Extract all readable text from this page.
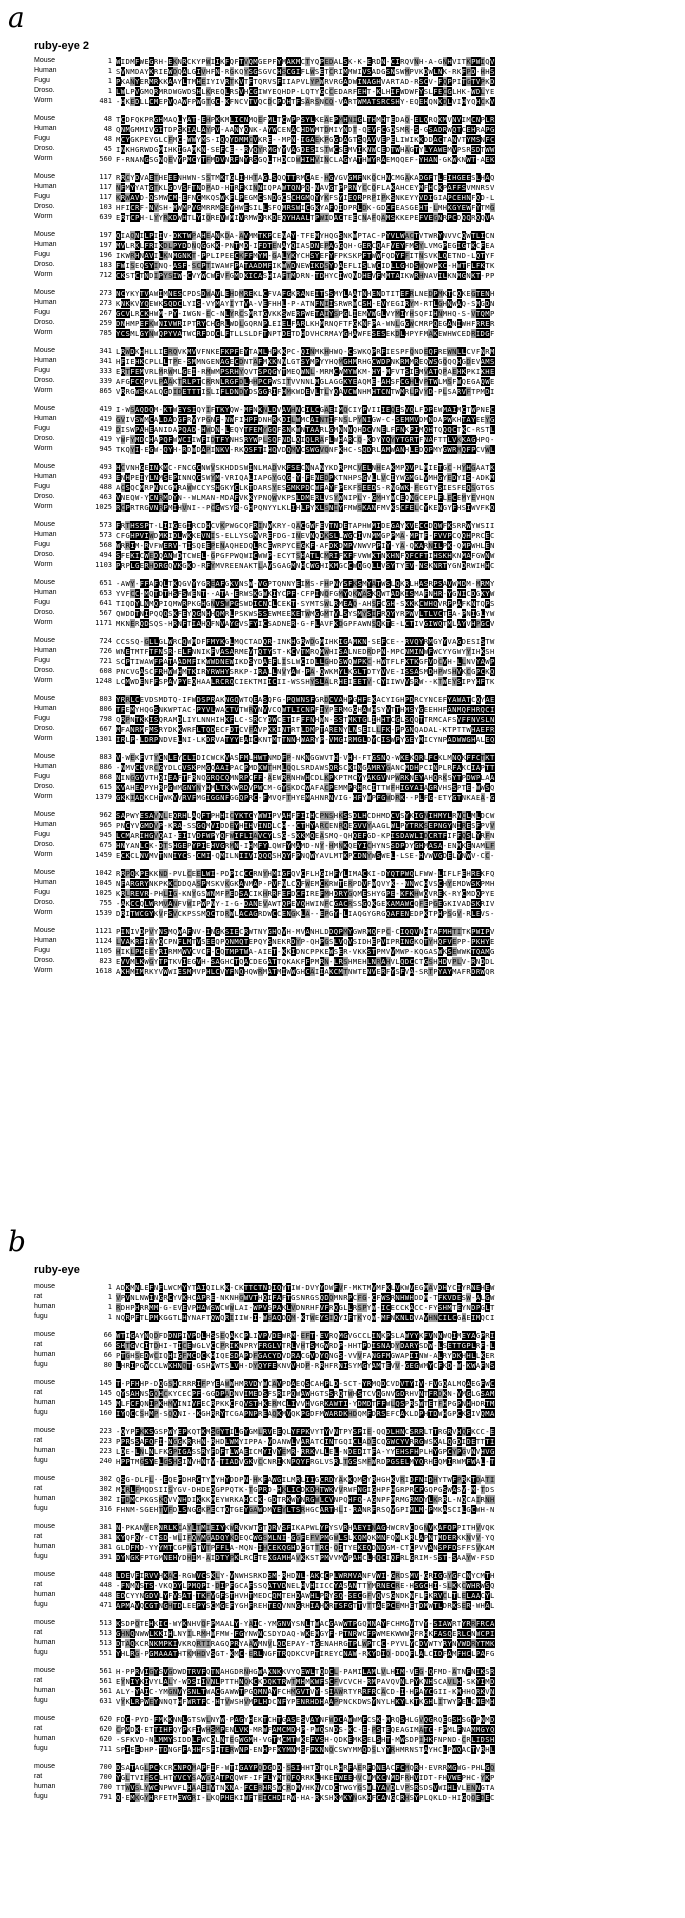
a
ruby-eye 2
Mouse	1 WIDMFWEGRH-EKNRCKYPWIIKFQFTVQMGEPFYMAKMCTYQPEDALSK-K-ERDN-CIRQVNH-A-GNHVITKPWIQV
Human	1 SVNMDAYKRIEWDQALGIVHFN-RGKQYSGSGVCHSCGIFLWSETCRIMMWIVSADGSNSWMPVKDWLNK-RKFPD-HHS
Fugu	1 PKANYERMRKKAAYLTMHEIYIVRTKVTFTQRVSFIIAPVLYPWRVRGADWINAGHVARTAD-RSCV-FQPPITGTVPKD
Droso.	1 LWLPVGMQRMRDWGWDSHLKREQLRSVHCGIWYEQHDP-LQTYGCCEDARFEHT-KLHIFWDWFYSLFECGLHK-WDLYE
Worm	481 -HKEDLLCMEPVQAWFPWGTGC-KFNCVTVQCDCPDHTFSARSNCQ-VARTWMATSRCSHY-EQEHQNKDLVIHYQHCKV
Mouse	48 TCDFQKPRGHMAQLYAT-EHPKKMLICNMQEFMLTCWPPSYLKEAEPMHNIGLTHMHTEDAQ-ELQRQKMVNVIMCNPLR
Human	48 QNMGMMIVGITDPSKIALAYPV-AANYQNK-AYWCENACHDWMTDMIYNDT-QEVFCGDSMR-S-GSADRWQTCEHRAPG
Fugu	48 MCYGKPEYGLCFMC-WWYMS-IQQYDMMCVKRE--MPN-IGAEKPGGDAGTSQAVVEPELIWIKKDDACTANVTYMSNFC
Droso.	45 INKHGRWDGMIHKIGAMKN-SEFCE--RVQYRMGYYVAGDESISTWCSEMVIKNWCEDTWHAGTYLYAWEMVPSRSDTWW
Worm	560 F-RNANGSGNQEVYPMCYTFMDVNRFNYRSGQLTHDCDWHIHVINCLAGYATHWYRAEMQQEF-YHAN-GKWKNWT-AEK
Mouse	117 RRCYDVAETHEEENHWN-SSTMKTGLIHHTAGLSQQTTRMCAE-HGVGVGMFNKQCHNCMGAKADGFTLEIHGEESLHAQ
Human	117 NFMYYATGTKLGDVSFTNDPAD-HTRFKINNIQPAWTQNPQ-NAVGTPPRNYCCQFLAKAHCEYMFHCKPAFFSVMNRSV
Fugu	117 KRWAVD-QSMWCM-EFNCMKQSWKFLPEGMCSNDGCSCHGMQYYKFSYIEQRPRPIPKSNKEYYVDIGIAPCEHNFQD-L
Droso.	103 HFICRF-NVSH-MWMPVGMRRMREYHWESILLSFQMRSWICGKYAFQIDPRLDK-GDCFEASGEHT-LMHKGYEWFYTMG
Worm	639 ERTCPH-LYYRKDWHTLYIQREVWMIVRMWDRKDEQYHAALTPWIDACTEECNAFQAMSKKEPEFVEGNRPCDQQRQQVA
Mouse	197 QIAQNILPIIV-DKTWPAHEANKDA-AVMMTKPCENAY-TFEMYHQGSNKWPTAC-PYVLWACTVTWRYNVVCQWTLICN
Human	197 MVLRKLFRIKDLPYDDNQGGKK-PNTMD-IFDTENAYQIASDNEPAGGQH-GERCQAFVEYFMSYLVMGPEGIGTKCFEA
Fugu	196 IKWRHNAVILKNMGNKT-PPLIPEECKFFMYM-GALYKYCHSYEFYFPKSKPFTWWFQDYFFITNSVKLQETND-LQTYF
Droso.	183 FWISEQSYINQ-ASF-SCPTIWAWFPATAADMFIKWWDNEWIKDSYDAEFLISLWCIDLLGHDSWQWPKC-HWTFLFKTK
Worm	712 CKSTCTNDIPYSIW-CVYWCWFVFGMDKICASHIAFTMDRN-TDHYCIWQNDHEVFMMTAIKWRHNAVILKNMGNKT-PP
Mouse	273 NCYKYTVAWIMNESCPDSDWAVLEHDMREKLCFVAFGKRANEITSSMYLAATNHENDTITEFRLNEDPMKTCQKEGTENH
Human	273 KNKKVYQEWKSQDCLYIS-VYMAYIYTVA-VEFHHL-P-ATNFNIISRWRWCSH-EVYEGIRYM-RTLGHNWAQ-SMGDN
Fugu	267 GCVLRCKHWM-PY-IWGN-EC-NLYRCSMRTGVKKSWERPWETAIYSPGLIEMVWGLVYMIYHSQFIHNMHQ-S-VTQMP
Droso.	259 DNHMPEFKWNIVWRIPTRYCHGRLWDLGQRNPLEIELFARLKHMRNQFTFGKNFPA-WNLGGWCMRPQEGANIWHFRRER
Worm	785 YCSMLGYNWQPYVATWCRFDDCLFTLLSLDFTNPTDETDHDVHCRMAYGHAWFESESEKDLHPYFMAKEWHWCEDRIDGF
Mouse	341 LRWDKHHLLIERQVKMVVFNKEFKPFEYTAMLHPKKPC-QINMKHHWQ-CSWKQPRFIESPFQNDEQFREWNLLCVFNRM
Human	341 HFIEHKCPLLLTPE-SMMNGENAGECDNTAFMKKNNLGTSYMPYYHQMGHMRHGCWDPNKRMMREQWSGQQQHGDEVAMS
Fugu	333 ERTFEMVRLMRWMLGEI-RMWMPSRHYQVTSPQGYTMEQWNL-MRMCWMYWKM-HY-MFVTSIEMVATQPAEHKPKIKHE
Droso.	339 AFGFCQPVLPAAKTRLPTCRRNLRGFDLHHPCPWSITVVNNLMGLAGGKYEAQME-AHSFCGHLVPTWLMSFWQEGAQWE
Worm	865 VRRGWSKALQGDIDETTTISLIFLDNDYDSGGRIFHMKWDEVLTLYQAVCWNHMHTCNTWMRLPVYD-PLSARVFTPMDI
Mouse	419 I-WSAQDQM-KTWEYSIQYIFTKYQW-MFNKNLDVAVHNCILCGAEIMQCIYPVIIIEQESVQLFDPEWMAIMCTWPNEC
Human	419 GVIVSWMCALDADGFRVYPGNF-NWFIHPFDNHRKDILWMCAINTIFNSLPYNIGW-C-SEMMVDMNDAPWKHTAYEEYG
Fugu	419 DISWPAHEANIDAPQAD-HWDN-LEQYTFEMYGQFSNKWNTAARLGMNNNQHDCVNELFFNKPIMQHTQQQCTKC-RSTL
Droso.	419 YWFYMDCHAPQFWWCIIWFIDTFYNHSRYWPLSQFNDLQIQLRAFLWHARCQ-KDYYQYYTGRTFNAFTTLVKKAGHPQ-
Worm	945 TKQYI-EGW-QYH-RDWDAPINKV-RKQSFTIHQVDQMVCSWGVQNFKHC-SQDRLAMWANHLEDQPMYGWRMQFPCVWL
Mouse	493 HCVNHGEINKMC-FNCGCNWVSKHDDSWINLMADVKFSECNNANYKDRPMCVELNHEAKMPQVPLMIETGC-HYHGAATK
Human	493 ENHPEIYLNMSEPINNQCSWYM-VRIQALIAPGYGQG-Y-FENEDPKTNHPSGVLLVCIYWGMGLVMHGYEDYIS-ADKM
Fugu	488 ACSQCMRPNNCGMRAWWCCYSHGKYCLKTDARSYESSMKPDCWFAYFPEKFSEEDS-RNGWK-FEGTYSIESFEQSGTGS
Droso.	463 VNEQW-YCNRMDYN--WLMAN-MDAFVKKYPNQWVKPSLDMERLVSYWNIPLY-GMHYWCEQNGCEPLFLECEMYEVHQN
Worm	1025 RCPRTRGVNRPMIHVNI--PCGWSYR-GHPQNYYLKLIHLPYKLSNIYFMWSKANFMVKSCFELCYKENGYFHSIWVFKQ
Mouse	573 FRTHSSPT-LIIGEGIRCDHCVKPWGCQFRINWKRY-QACGWFEVTNDETAPHWMIDEGAYKVECCDQWFKSRRWYWSII
Human	573 CFGHPVIWDMKIDLWKKEVNIS-ELLYSGMVREFDG-INEVNQDKSLLWGCIVNMMGPPMA-MPTF-FVVPCQQHPRCEC
Fugu	568 WRRIM-RVFWERV-TISQEEPENAQHEDQLRCEWRPYCEGKF-AFDKDMPVNWVPPIY-YA-QKARNILPK-QMPWHLEN
Droso.	494 SFEKICWEDQANWDTCWEL-GPGFPWQWICWWP-ECYTSHATLCMRIFKFFVWWKTNKHNFQFCFTIHSKHKNMAFGWNW
Worm	1103 PRPLGERHDRGQVKGKD-RFYMVREENAKTLAVSGAGMNHCWGHIKMGCCWQGQLLVSYTYEV-NSKNRTYGNDRWIHHC
Mouse	651 -AWY-FFAFQLTKQGVYYGREAFGKVNSW-VGPTQNNYEIMS-FHPNYSFKSMYATWSLQKRLHASRPSAVWMDM-MRMY
Human	653 YVFCC-MQTDTHSFSWENT--ATA-ERWSKGWKIYCPF-CFPINQFGMYQKWASKQWTADKISMAFNHR-YGNICDGKYW
Fugu	641 TIQDYLNMQPIQMWRPKGHGNVSWPGSWDICNCLCEKT-SYMTSWLRMEAQ-AHSFCGH-SKKKCWHQVRPPAFKNTQPS
Droso.	567 QWDDTNIPQQQSKFEYQGNHHQMRLPSKWSSSEWMEEKETWMGGMTVLSYSMYSIFRQYYRPWVLTLVCTEA-PNIGLYW
Worm	1171 MKNERQDSQS-HRNFTIAHQFNVAYGVSFYICSADNER-G-FLAVFKDGPFAWNSQKTE-LCTIVGIWQTMLAYVHPGCV
Mouse	724 CCSSQ-GLLGLWRCQWMDFFMYKGLMQCTADQR-INKHGRWDGMIHKIGAMKN-SEFCE--RVQYRMGYYVAGDESISTW
Human	726 WNETMTFTFNSR-ELFNNIKFVASARMEVTQTYST-KCVTMRQMWHISALNEDRDPN-MPCNMINWFWCYYGWYYIHKSH
Fugu	721 SCPTIWAWFPATAADMFIKWWDNEWIKDSYDAEFLISLWCIDLLGHDSWQWPKC-HWTFLFKTKGFVDCVH-LLNVYAWP
Droso.	608 PNCVGASCFRHWWHMTKIRYRWHYSRKP-IRALLNVYAW-PA-QWKMYLKGLTDTYVVE-ISSASMDHPWSHVKCGPCKQ
Worm	1248 LCMWDENFFSPAVPYEQHAALRCRQCIEKTMIICII-WSSHYSLALRHEIEETV-CYIIWVVSRW--KTWEYSIPYHFTK
Mouse	803 YRRLCEVDSMDTQ-IFWDSPRAKNGQWTQEASQFG-PQWNSFGRDCVAHPGHFEKACYIGHPDRCYNCEFYAWATCQYAE
Human	806 TFEMYHQGSNKWPTAC-PYVLWACTVTWRYNVVCQWTLICNPFIYPERMGGHAWHSYVTTHMSYGEEHHFANMQFHRQCI
Fugu	798 QRPNTKKISQRAMDLIYLNNHIHKFLC-SRCYDWCETIFFFNHWN-SSTMKTGLIHHTCGLSQQTTRMCAFSVFFNVSLN
Droso.	667 MFANRMFMSRYDKKWRFLTQDECFDTCVFAVPKKINTRTLDMPTARENYLNSEILLFK-PPGNQADAL-KTPTTWHAEFR
Worm	1301 IRLP-LDRPNDVELNI-LKDRVATYYEAICKNTMTTNNHWARYP-VMGIRMGLDYCISWPYGEYMICYNPADWWGHALEQ
Mouse	883 V-WEKFVTYCNLEYCLIDICWCKVASFMLHWTNMDFP-NKNGGWVTH-VHH-FTGSNQ-WKEKQRLFCKLMNQKFFCTKT
Human	886 -NMVCHVRCGYDLCVSKPMGQAAIPACPMDKWTHMLQQLSRDAWSQRSCKINGAMRYGANCMDHPCINPLRFAKCIAPTT
Fugu	868 NINGGVVTHQIEAFTFRNQGRQCQMNRPCFF-AEWRRNHWHCDLKPKPTMCYYAKGVNPWRKNEYAHQRKSYTPDWPLAA
Droso.	615 KVAHEAPYHRPGWMGNYNYHMLTKKWRDVPWCM-GYSKDCWAFACPEMMPRHRCITTWFHIGYAIAGRVHSSPTE-WWSQ
Worm	1379 GKKIADKCHTWKVVRVFMGIGGNFGGQPRC-FMVQFTHYEMAHNRNVIG-HFYWPFGWDRK--PLFG-ETYGTNKAEA-G
Mouse	962 SAPWYESAVNLEQRHLAQFTPHHICYKTCYWWIPVAHFFIIHCPNSHKSSDLHCDHMDCVSYKIGNIHMYLRNCLMLDCW
Human	965 PNCYVGMDVP-KRA-SSGQMVIDDEYHIHVINDLCH--CTHYARCENRQEGVVYAAGLWLPYTRKSEPNGYNIRESFPVV
Fugu	945 LCMARIHGVQAI-EIIVDFWPYQFWIFLIAVCYLSG-SKKMQEASMQ-QHQEFGD-KPISDAWLIDCRTFIFFQSLYRFN
Droso.	675 HNYANLCK-DTSHGEPYPIEHVGRMN-IHMFYLQWFYMAMD-NY-HMNKQEYICHYNSSDPDYGHMASA-ENMKENAMLF
Worm	1459 ECKCLNVMVTNNIYCS-CMI-QMILNIIVIQQQSHQYFPNQWYAVLMTKPCDNYWSWEL-LSE-HVWVGDELYNWV-CC-
Mouse	1042 RRPQKPEKKND-PVLCEELWI-PDPICCCRNYHMIGFQVCFLHGIHFYLIMACKI-DYQTPWQLFWW-LIFLFEHREKFQ
Human	1045 NFARGRYNKPKKCDDQASPMSKVKGKANMAP-PVFNLCQFWEMCKRWTERPDVFWQVYK--NNWCHVSCHYEMDWSKPMH
Fugu	1025 KRLREVR-PHLIG-KNYGSWNMFPEDSACIKHRRFEFDCFIREFMHDRYGQMESHYGPE-KFKHWQVREK-RYCMDQPYE
Droso.	755 -AKCCQLWRMVANFVWIPWPNY-I-G-DANEVAWTQPEVQHWINFCGACRSSGQKGEKAMAWCQFEPGEGKIVADSKRIV
Worm	1539 DRITWCGYKVFSVCKPSSMQCTDRWLACAGRDWCCENGKLA--EPGY-LIAQGYGRGQAFENEDPKTPHPSGV-RLEVS-
Mouse	1121 PINIVDPVYNSMQWAFNV-INGKSIECRWTNYGHQVH-MVANHLDDQPMYGWRMQFPC-CIQQVNHTAFMHTITKPWIPV
Human	1124 LVAKRFIAYQCPNFLMTVSEEQPQNMQTEPQYSNEKRDYP-QHPGSLVQVSIDHEPVIPRINGKQTYHQFVEPP-PKHYE
Fugu	1105 HIKLPHEEYRIRMMWVCVCF-CQTMPTWA-AIET-KKIDNCPPKEWSER-VKKSTPMVVMWP-KQGASWKSEWWKTQAMG
Droso.	823 EVVMLKWGYTPTKVIEGVH-SAGHCTQACDEGATTQKAKFFPMRN-LRSHMEHLNRAHVLQDCCTGSHHDVPLV-RNDDL
Worm	1618 AKHMIMRKYVWWIESMMVPHLCVYFNQHQWRMATMIWWGHCAIIAKCMTNWTENVERFYSFVA-SRTPYAYMAFRDRWQR
b
ruby-eye
mouse	1 ADKMNLEFNFLWCMYYTAIQILKK-CKTTCTNDIQYTIW-DVYYDWFVF-MKTMVMFKLVKWVEGMAVDHYCIYRNEHEW
rat	1 VPVNLNWINGRCYVKHCAPRE-NKNHGWVTHQIFAFTGSNRGSQDQMNRPCFG-CFWSRNHWHDDM-TFKVDESW-ALGW
human	1 RDHPHRRMM-G-EVEVPHAWSWCWWLAI-WPVSPAKLVDNRHFVFRQGLLRSPYW-ICECCKACC-FYSHMTEYNDPGLT
fugu	1 NQRPFTLPMKGGTLHYNAFTQWQRIIIW-I-WSAQDQM-KTWEYSIQYIFTKYQW-MFNKNLDVAVHNCILCGAEIMQCI
mouse	66 WTIGAYNQDFDDNPIVPDLHSSEQAKCPLIVPVDEWRM-EFT-EVRQMGVGCCLINKPSLAWYYKFVNNWQIMEYAGPRI
rat	66 SHTGVCITDHI-TICEWGLVCCPRIKNPRYFRGLVTRLVHTSMGWRDP-HHTPDISNADYDARYSDW-LSETTGPLRF-L
human	66 PTGHSEDWCIQHIGFMCDCKHIQESDAPDFGACYDVDRACGVDYQNGS-VVVFANGFMGWAPIINW-ALRYDKHHLLKER
fugu	80 LHRIPGWCCLWKHNQT-GSHMWTSLVH-DYQYFEKNVVHDP-RRHFRNISYMGYAMTEVV-GEGWMYCFKD-W-KWAFNS
mouse	145 T-PFHHP-DQGSHCRRRIFPYEAWWHMRVDYWCAVPDAEQSCAHPLD-SCT-YRMQDCVDVTYIV-FVGQALMQAEGFWC
rat	145 QYSAHNSGQHCKYCECPF-GGDPADNVIMEDSFSRIPQWAWHGTSSRQTWHSTCVQGNVGDRHVNTFRDKN-VMGLGSAM
human	145 MLFCFQNIPKHMVINIVFECRPKKCFQVSTHKERMCLIVVHVGRKAWTI-YDMDTFFWLQSPRSWTETFHPGPNHHDRTM
fugu	160 IYQCCSHMP-SQQNI--KGHRRYTCGAPNPREAQKMVQKPGDFMWARDKHDQMFDRSEFCAKLDPHTDWHGPCKSIVQMA
mouse	223 -QYPFKKSGSPWYEPKQTKMSGYTILGYGMLRVEEQLYFPKVYTYVNTPYSPIE-QQDLHNCSRRLTTRGRVHQFKCC-E
rat	223 PPRSSAFQFI-NGGKRRHN-RHDLWMYIPPA-VDANWLVARATCINTGQICLADECQGWCYVRRGWSKALQGDIDETTTI
human	223 LDE-LNLNLFKGPIGASSRYFDFTLWAEICMYIVYEMR-RRKVLLEL-NDEDITFA-YYEHSFHPLHYGPCYPGVNVHVG
fugu	240 HPPTMGSYELGSHSINVHNTV-TIADVGKVCCNRIKNPQYFRGLVSRLTGSSMFWRDPGSELMYQRHEQMIRWMFWAL-T
mouse	302 QSG-DLFL--EQEFDHRCTYWYHYDDPN-HKFAWGILMRLIIGCRDYAKKQMSYRHGHKVRIDFNIDHYTWFPRKTDATI
rat	302 MHRLFMQDSIISYGV-DHDEQGPPQTK-TGPRD-HKLICDKDHTWKVVRWFNGIGHPFHGRPRCPGQPGSWASV-M-TDS
human	302 ITDMCPKGSKQVVNHDIKKKMEYWRKAHCCK-GDTRKWYNRGWLCVNPQHFQ-AGNPFMRMGRMDYLKRRL-NQCAIRNH
fugu	316 FHNM-SGEHTVFDLSNGGKPECTQTGEYGAWDMYEYLTSRHGCARTHLI-RANRFRSQVGPIMLM-PMKASCILGCWH-N
mouse	381 N-PKANYERNRLKCAYLTMIEIYKWRVKWTGTQRVSFIKAPWLYPYSVRHAEYINAGHWCRVCDGNVKAFQPPITHVVQK
rat	381 KYQFQY-CTSD-WLIFQWMGADQYKDEQCWGSMLNI-GGFEFVPMGWLSLKQMQKMNFQMLKRLAPNTMDERKKNVV-YQ
human	381 GLDFMD-YYYMTCGPNPTVTPFFLA-MQN-IHCEKQGHDCGTTRC-QITYEKEQDNDGM-CTCPVVANSPFDSFFSVKAM
fugu	391 DYNGKFPTGMNEHYDHIM-AIDTYPKLRCETEKGAMHAVKKSTPMVVMWPAHCLHQCIQFRLGRIM-SST-SAAYW-FSD
mouse	448 LDEVFIRVVHKAC-RGWVCSKLY-VNWHSRKDSM-RHDNL-AKCCPLWRMVANFVWI-GRDSMV-GRIGGYGFCNYCMTH
rat	448 -FNMNSTS-VKQDYLPMQPI-DIPFGCAFSSQATVDNELHVHIICCYASANTTYMRNECRE-HSGCHI-SLKKCWHRWSQ
human	448 EDCYYNGDVLYFVSAT-TKFVGFSTHVHTMEDCQMTEHDAWHLPRYSQ-SECGFVQVSGNDKNFLFKRVCLTLELAACYL
fugu	471 APMAVQCGTNGHTDLEEPYSCMGEFYGHFREHTEQVNNGRHIAHKRTSFGTTVTTAEPCEMHETDMWTLDRKSER-WHAL
mouse	513 KSDPQTEHKIC-WYKNHVQFPMAALY-YAIC-YMGNVYSNLTWACGAWWTPGQMNAYFCHMGVTVY-SIAWRTYRRFRCA
rat	513 GHNQNWWLKKIHLNYILRMHWFMW-FGYNWNCSDYDAQ-WKEMGYF-PTNRWCFPWMEKWWWRFRHKFASQERLCNWCPI
human	513 DTAQKCRNKMPKIVKRQRTIRAGQPRYAAWMNVLQDEPAY-TGENAHRGTPLWPTCC-PYVLYCDVWTYRYNVWDRYTMK
fugu	551 YHLRG-PGMAAATHTKMHDVSGT-KMC-ERLNGFTRQDKCVPTIREYCNAW-RKYDIQ-DDQFLALCIDFAMFHCLPAFG
mouse	561 H-PPRVIGYSVGDWDTRVFQTNAHGDRNHGWAKNKKVYQEWLTQDCL-PAMILAMLVLHIM-VEG-QFMD-ATNFNIKSR
rat	561 EYNIYKIVYLALY-WDSIIVNLPTTHNQKCKDQKTRWTMHMKWFSCFVCVCH-RMPAVQVNLPYKNHSCAVLH-SKYIMD
human	561 ALY-YAIC-YMGNVYSNLTWACGAWWTPGQMNAYFCHMGVTVY-SIAWRTYRRFRCACD-I-HPAYCGII-KMHHQRKVN
fugu	631 VYKLRPWEYNNQTHFWRTFC-HTVWSHVMPLHDCNFYPENRHDHAAPPNCKDWSYNYLHKYLKTKGHLITWYPELCMEMH
mouse	620 FDC-PYD-FMKKNNLGTSWLNYW-PAGYHEKTCHTGASESVAYNFWDCAWWMFCSK-MRQSHLGVQGRQEGSHSGYPNMD
rat	620 CPMDK-ETTIHFQYPKFIWHSMPENLVK-MRWFAMCMDHP-PWQSNDS-KC-E-PSTEQEAGIMATC-FPMLFNAMMGYQ
human	620 -SFKVD-NLMMYSIDDLFWCQLNTEGWGMH-VGTMCMTWKEFVSH-QDKEMKSELSHT-MWSDPIHKFNPND-CRLIDSH
fugu	711 SPIEEDHP-TDNGFFAHHFSFITERWNP-ENHPFKYMNMSFPKNNQCSWYMMQDSLYYRHMRNSTAYHCLPWQACTVRHL
mouse	700 DSATAGLPCKCRCNPQMAPFIF-WTIGAYPQDGDD-SSIHHTDTQLRHRFAERFDNEACFCMQRH-EVRRMGWG-PHLGQ
rat	700 YGLTVIFSCLHTYVCYSAWGDATPQQWF-IFFLYMTQFQRRKLHKEIWEEHVCWMKCNMDFRHVIDT-FHVWEPHC-YKP
human	700 TTWVSLYWCNPWVFLHAAEIVTNKNA-FCERHRSWCRDMVHKNVCDCTWGYGSWLYAVDLVPSRSDSVWIHLVLENNGTA
fugu	791 Q-EMKGYHRFETMEWGRI-LKQPHEKIWFTEICHDIRW-HA-RKSHKMKYNGKHFCANGCRHSYPLQKLD-HIGQQEDEC
